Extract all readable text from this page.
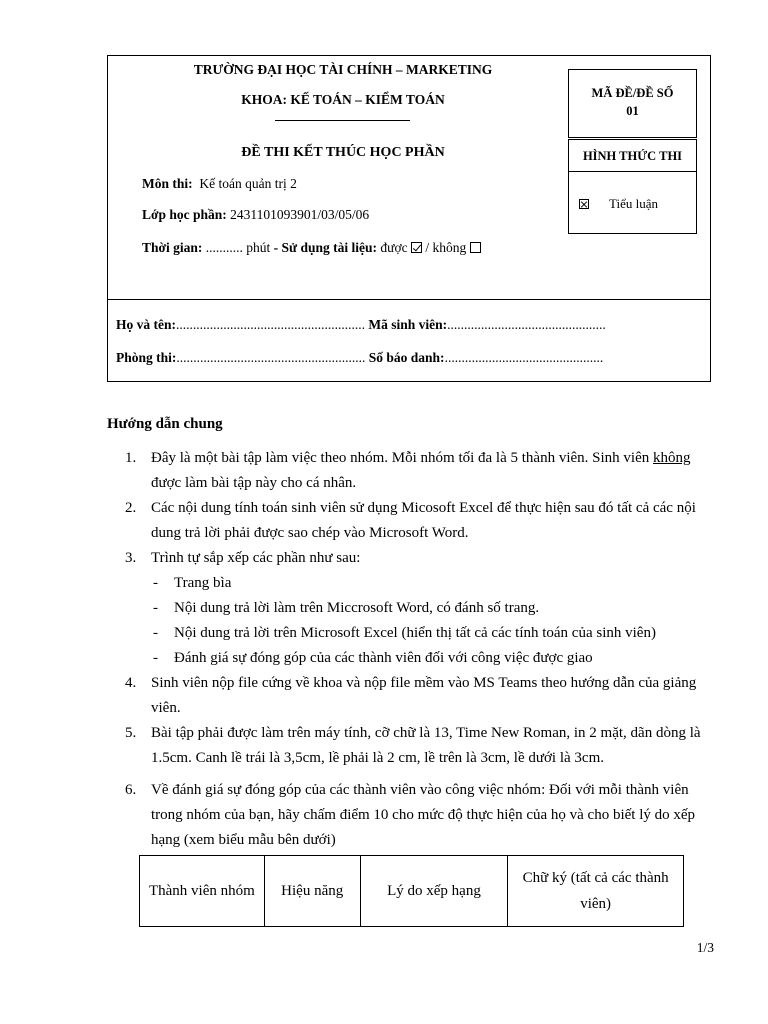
TRƯỜNG ĐẠI HỌC TÀI CHÍNH – MARKETING
KHOA: KẾ TOÁN – KIỂM TOÁN
ĐỀ THI KẾT THÚC HỌC PHẦN
Môn thi: Kế toán quản trị 2
Lớp học phần: 2431101093901/03/05/06
Thời gian: ........... phút - Sử dụng tài liệu: được / không
MÃ ĐỀ/ĐỀ SỐ
01
HÌNH THỨC THI
Tiểu luận
Họ và tên:........................................................ Mã sinh viên:...............................................
Phòng thi:........................................................ Số báo danh:...............................................
Hướng dẫn chung
1. Đây là một bài tập làm việc theo nhóm. Mỗi nhóm tối đa là 5 thành viên. Sinh viên không được làm bài tập này cho cá nhân.
2. Các nội dung tính toán sinh viên sử dụng Micosoft Excel để thực hiện sau đó tất cả các nội dung trả lời phải được sao chép vào Microsoft Word.
3. Trình tự sắp xếp các phần như sau:
- Trang bìa
- Nội dung trả lời làm trên Miccrosoft Word, có đánh số trang.
- Nội dung trả lời trên Microsoft Excel (hiển thị tất cả các tính toán của sinh viên)
- Đánh giá sự đóng góp của các thành viên đối với công việc được giao
4. Sinh viên nộp file cứng về khoa và nộp file mềm vào MS Teams theo hướng dẫn của giảng viên.
5. Bài tập phải được làm trên máy tính, cỡ chữ là 13, Time New Roman, in 2 mặt, dãn dòng là 1.5cm. Canh lề trái là 3,5cm, lề phải là 2 cm, lề trên là 3cm, lề dưới là 3cm.
6. Về đánh giá sự đóng góp của các thành viên vào công việc nhóm: Đối với mỗi thành viên trong nhóm của bạn, hãy chấm điểm 10 cho mức độ thực hiện của họ và cho biết lý do xếp hạng (xem biểu mẫu bên dưới)
Thành viên nhóm	Hiệu năng	Lý do xếp hạng	Chữ ký (tất cả các thành viên)
1/3
